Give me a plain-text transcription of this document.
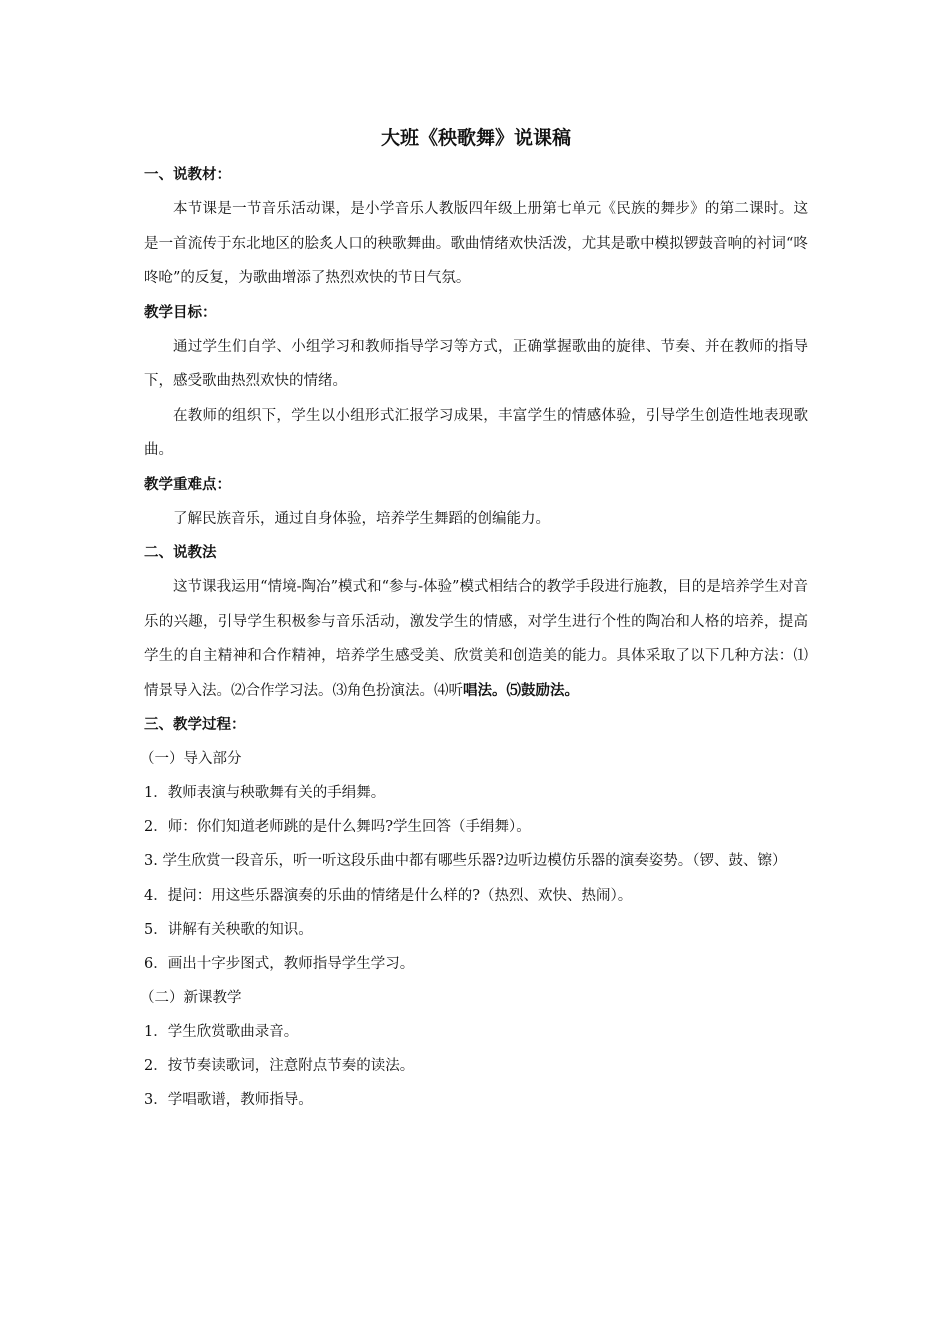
大班《秧歌舞》说课稿

一、说教材：

本节课是一节音乐活动课，是小学音乐人教版四年级上册第七单元《民族的舞步》的第二课时。这是一首流传于东北地区的脍炙人口的秧歌舞曲。歌曲情绪欢快活泼，尤其是歌中模拟锣鼓音响的衬词“咚咚呛”的反复，为歌曲增添了热烈欢快的节日气氛。

教学目标：

通过学生们自学、小组学习和教师指导学习等方式，正确掌握歌曲的旋律、节奏、并在教师的指导下，感受歌曲热烈欢快的情绪。

在教师的组织下，学生以小组形式汇报学习成果，丰富学生的情感体验，引导学生创造性地表现歌曲。

教学重难点：

了解民族音乐，通过自身体验，培养学生舞蹈的创编能力。

二、说教法

这节课我运用“情境-陶冶”模式和“参与-体验”模式相结合的教学手段进行施教，目的是培养学生对音乐的兴趣，引导学生积极参与音乐活动，激发学生的情感，对学生进行个性的陶冶和人格的培养，提高学生的自主精神和合作精神，培养学生感受美、欣赏美和创造美的能力。具体采取了以下几种方法：⑴情景导入法。⑵合作学习法。⑶角色扮演法。⑷听唱法。⑸鼓励法。

三、教学过程：

（一）导入部分

1．教师表演与秧歌舞有关的手绢舞。

2．师：你们知道老师跳的是什么舞吗?学生回答（手绢舞）。

3. 学生欣赏一段音乐，听一听这段乐曲中都有哪些乐器?边听边模仿乐器的演奏姿势。（锣、鼓、镲）

4．提问：用这些乐器演奏的乐曲的情绪是什么样的?（热烈、欢快、热闹）。

5．讲解有关秧歌的知识。

6．画出十字步图式，教师指导学生学习。

（二）新课教学

1．学生欣赏歌曲录音。

2．按节奏读歌词，注意附点节奏的读法。

3．学唱歌谱，教师指导。
